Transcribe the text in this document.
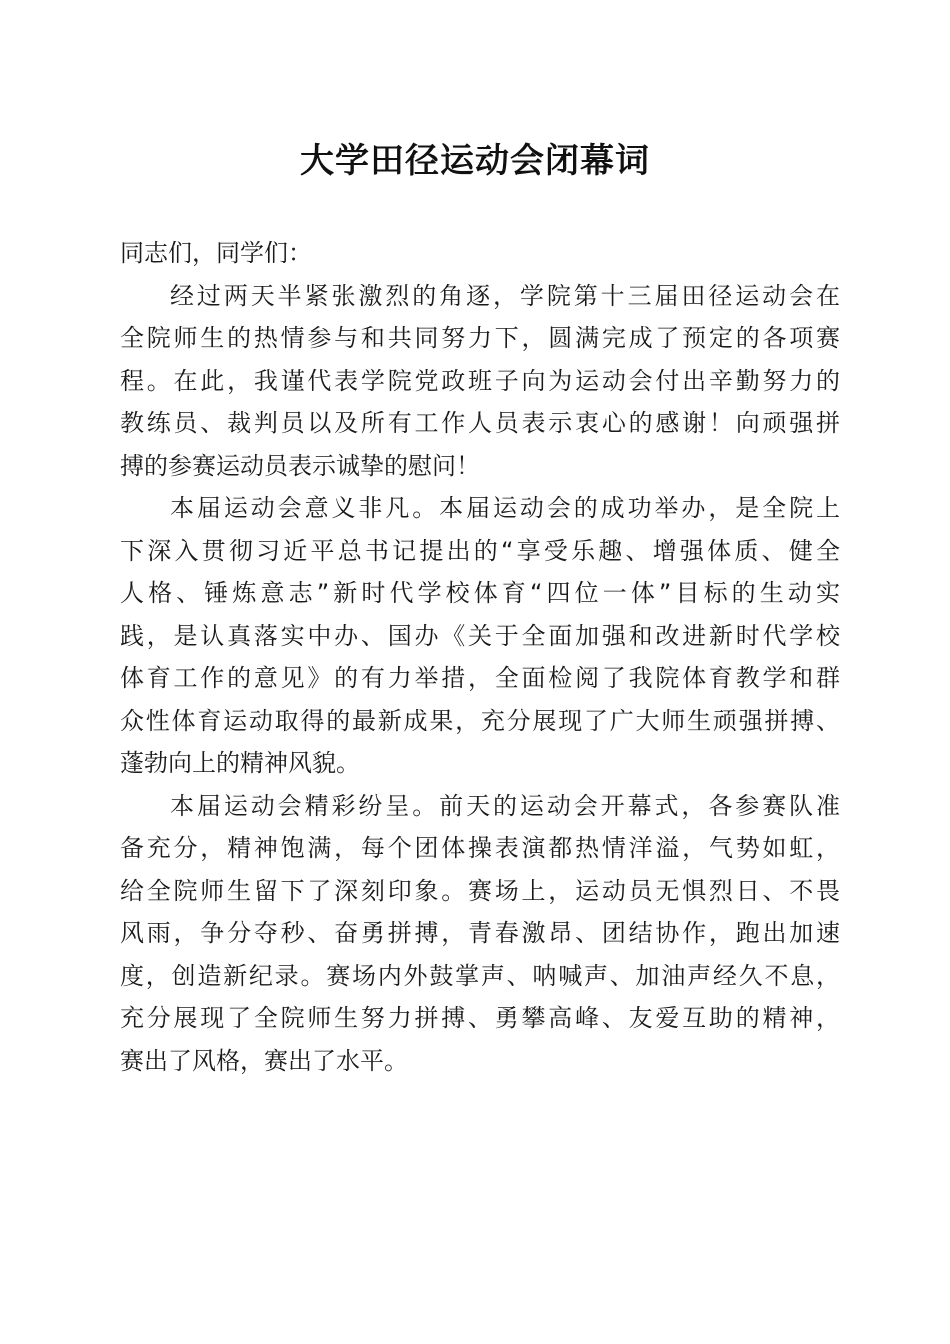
大学田径运动会闭幕词
同志们，同学们：
经过两天半紧张激烈的角逐，学院第十三届田径运动会在
全院师生的热情参与和共同努力下，圆满完成了预定的各项赛
程。在此，我谨代表学院党政班子向为运动会付出辛勤努力的
教练员、裁判员以及所有工作人员表示衷心的感谢！向顽强拼
搏的参赛运动员表示诚挚的慰问！
本届运动会意义非凡。本届运动会的成功举办，是全院上
下深入贯彻习近平总书记提出的“享受乐趣、增强体质、健全
人格、锤炼意志”新时代学校体育“四位一体”目标的生动实
践，是认真落实中办、国办《关于全面加强和改进新时代学校
体育工作的意见》的有力举措，全面检阅了我院体育教学和群
众性体育运动取得的最新成果，充分展现了广大师生顽强拼搏、
蓬勃向上的精神风貌。
本届运动会精彩纷呈。前天的运动会开幕式，各参赛队准
备充分，精神饱满，每个团体操表演都热情洋溢，气势如虹，
给全院师生留下了深刻印象。赛场上，运动员无惧烈日、不畏
风雨，争分夺秒、奋勇拼搏，青春激昂、团结协作，跑出加速
度，创造新纪录。赛场内外鼓掌声、呐喊声、加油声经久不息，
充分展现了全院师生努力拼搏、勇攀高峰、友爱互助的精神，
赛出了风格，赛出了水平。
